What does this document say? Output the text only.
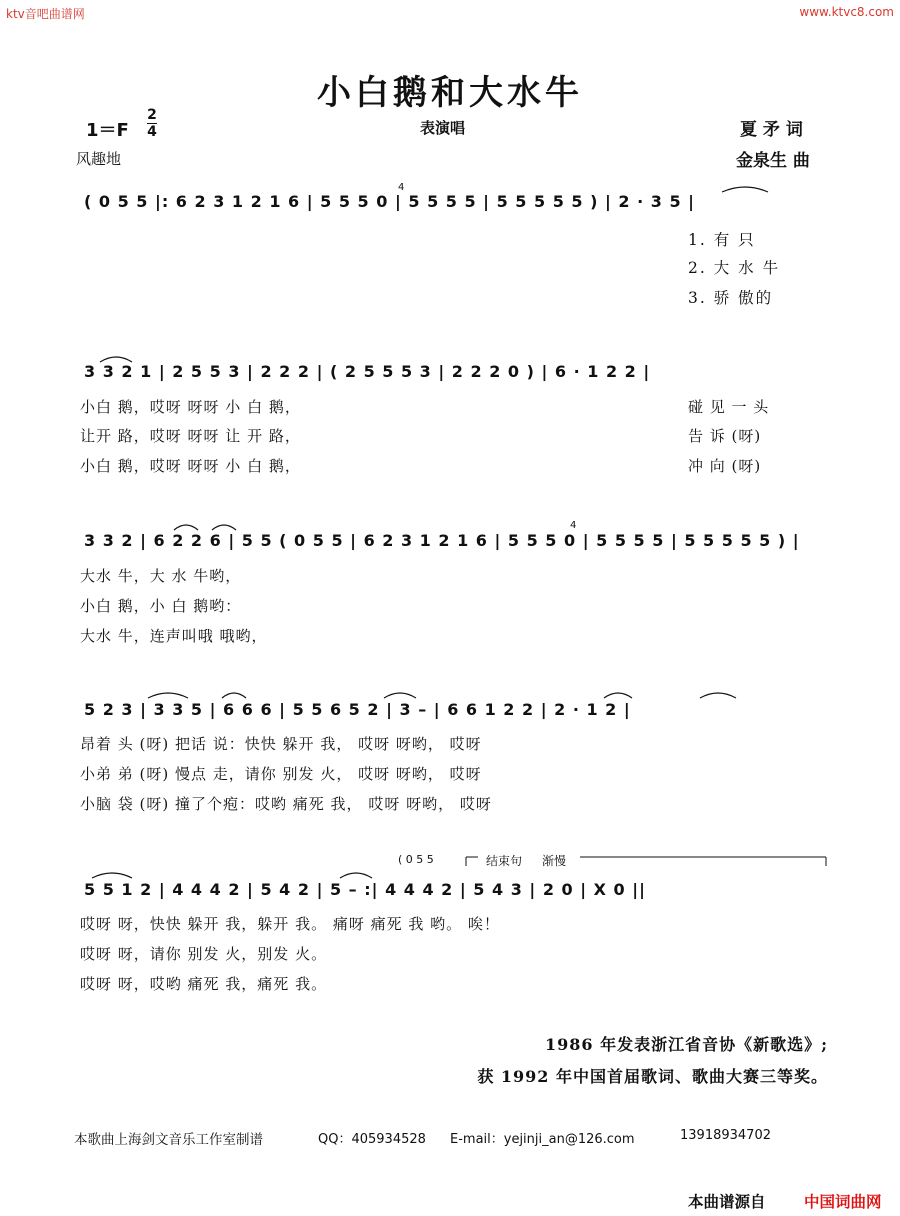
ktv音吧曲谱网	www.ktvc8.com
小白鹅和大水牛
1＝F
2
4	表演唱	夏 矛 词
风趣地	金泉生 曲
( 0 5 5 |: 6 2 3 1 2 1 6 | 5 5 5 0 | 5 5 5 5 | 5 5 5 5 5 ) | 2 · 3 5 |
4
1. 有 只
2. 大 水 牛
3. 骄 傲的
3 3 2 1 | 2 5 5 3 | 2 2 2 | ( 2 5 5 5 3 | 2 2 2 0 ) | 6 · 1 2 2 |
小白 鹅，哎呀 呀呀 小 白 鹅，	碰 见 一 头
让开 路，哎呀 呀呀 让 开 路，	告 诉 (呀)
小白 鹅，哎呀 呀呀 小 白 鹅，	冲 向 (呀)
3 3 2 | 6 2 2 6 | 5 5 ( 0 5 5 | 6 2 3 1 2 1 6 | 5 5 5 0 | 5 5 5 5 | 5 5 5 5 5 ) |
4
大水 牛，大 水 牛哟，
小白 鹅，小 白 鹅哟：
大水 牛，连声叫哦 哦哟，
5 2 3 | 3 3 5 | 6 6 6 | 5 5 6 5 2 | 3 – | 6 6 1 2 2 | 2 · 1 2 |
昂着 头 (呀) 把话 说：快快 躲开 我， 哎呀 呀哟， 哎呀
小弟 弟 (呀) 慢点 走，请你 别发 火， 哎呀 呀哟， 哎呀
小脑 袋 (呀) 撞了个疱：哎哟 痛死 我， 哎呀 呀哟， 哎呀
( 0 5 5	结束句 渐慢
5 5 1 2 | 4 4 4 2 | 5 4 2 | 5 – :| 4 4 4 2 | 5 4 3 | 2 0 | X 0 ||
哎呀 呀，快快 躲开 我，躲开 我。 痛呀 痛死 我 哟。 唉！
哎呀 呀，请你 别发 火，别发 火。
哎呀 呀，哎哟 痛死 我，痛死 我。
1986 年发表浙江省音协《新歌选》;
获 1992 年中国首届歌词、歌曲大赛三等奖。
本歌曲上海剑文音乐工作室制谱	QQ：405934528 E-mail：yejinji_an@126.com	13918934702
本曲谱源自 中国词曲网
